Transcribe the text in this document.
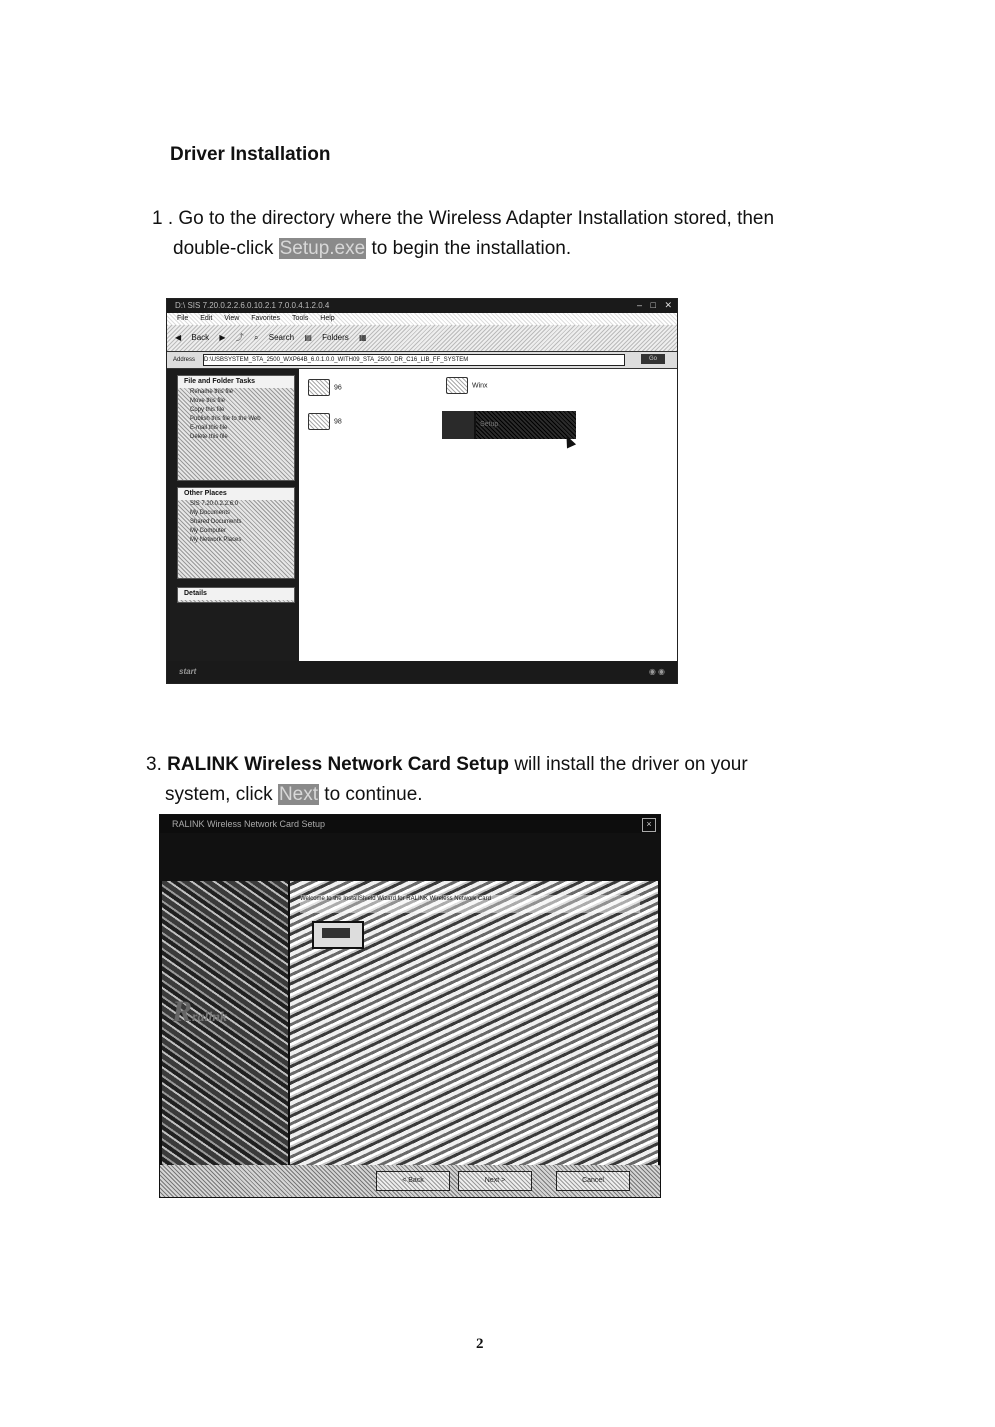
Driver Installation
1 . Go to the directory where the Wireless Adapter Installation stored, then
double-click Setup.exe to begin the installation.
D:\ SIS 7.20.0.2.2.6.0.10.2.1 7.0.0.4.1.2.0.4	– □ ✕
File Edit View Favorites Tools Help
◀ Back ▶ ⤴ ⌕ Search ▤ Folders ▦
Address D:\USBSYSTEM_STA_2500_WXP64B_6.0.1.0.0_WITH09_STA_2500_DR_C16_LIB_FF_SYSTEM	Go
File and Folder Tasks
Rename this file
Move this file
Copy this file
Publish this file to the Web
E-mail this file
Delete this file
Other Places
SIS 7.20.0.2.2.6.0
My Documents
Shared Documents
My Computer
My Network Places
Details
96
98
Winx
Setup
start	◉ ◉
3. RALINK Wireless Network Card Setup will install the driver on your
system, click Next to continue.
RALINK Wireless Network Card Setup	×
Rralink
Welcome to the InstallShield Wizard for RALINK Wireless Network Card
< Back	Next >	Cancel
2
